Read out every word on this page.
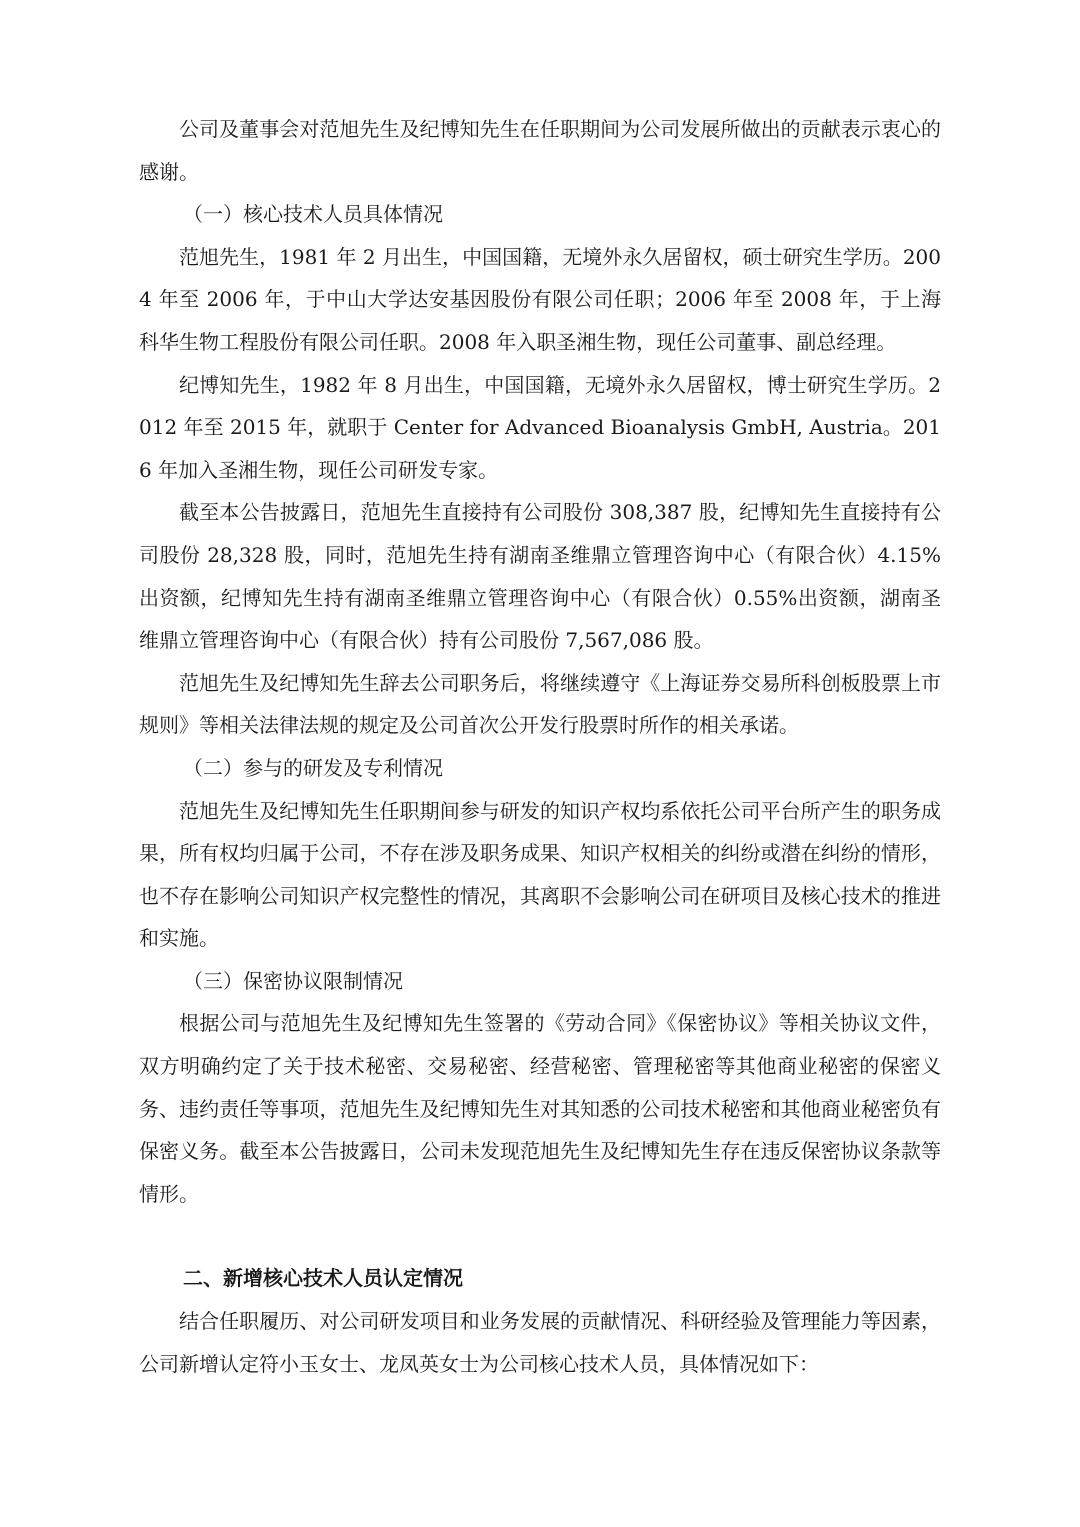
公司及董事会对范旭先生及纪博知先生在任职期间为公司发展所做出的贡献表示衷心的感谢。

（一）核心技术人员具体情况

范旭先生，1981 年 2 月出生，中国国籍，无境外永久居留权，硕士研究生学历。2004 年至 2006 年，于中山大学达安基因股份有限公司任职；2006 年至 2008 年，于上海科华生物工程股份有限公司任职。2008 年入职圣湘生物，现任公司董事、副总经理。

纪博知先生，1982 年 8 月出生，中国国籍，无境外永久居留权，博士研究生学历。2012 年至 2015 年，就职于 Center for Advanced Bioanalysis GmbH, Austria。2016 年加入圣湘生物，现任公司研发专家。

截至本公告披露日，范旭先生直接持有公司股份 308,387 股，纪博知先生直接持有公司股份 28,328 股，同时，范旭先生持有湖南圣维鼎立管理咨询中心（有限合伙）4.15%出资额，纪博知先生持有湖南圣维鼎立管理咨询中心（有限合伙）0.55%出资额，湖南圣维鼎立管理咨询中心（有限合伙）持有公司股份 7,567,086 股。

范旭先生及纪博知先生辞去公司职务后，将继续遵守《上海证券交易所科创板股票上市规则》等相关法律法规的规定及公司首次公开发行股票时所作的相关承诺。

（二）参与的研发及专利情况

范旭先生及纪博知先生任职期间参与研发的知识产权均系依托公司平台所产生的职务成果，所有权均归属于公司，不存在涉及职务成果、知识产权相关的纠纷或潜在纠纷的情形，也不存在影响公司知识产权完整性的情况，其离职不会影响公司在研项目及核心技术的推进和实施。

（三）保密协议限制情况

根据公司与范旭先生及纪博知先生签署的《劳动合同》《保密协议》等相关协议文件，双方明确约定了关于技术秘密、交易秘密、经营秘密、管理秘密等其他商业秘密的保密义务、违约责任等事项，范旭先生及纪博知先生对其知悉的公司技术秘密和其他商业秘密负有保密义务。截至本公告披露日，公司未发现范旭先生及纪博知先生存在违反保密协议条款等情形。

二、新增核心技术人员认定情况

结合任职履历、对公司研发项目和业务发展的贡献情况、科研经验及管理能力等因素，公司新增认定符小玉女士、龙凤英女士为公司核心技术人员，具体情况如下：
